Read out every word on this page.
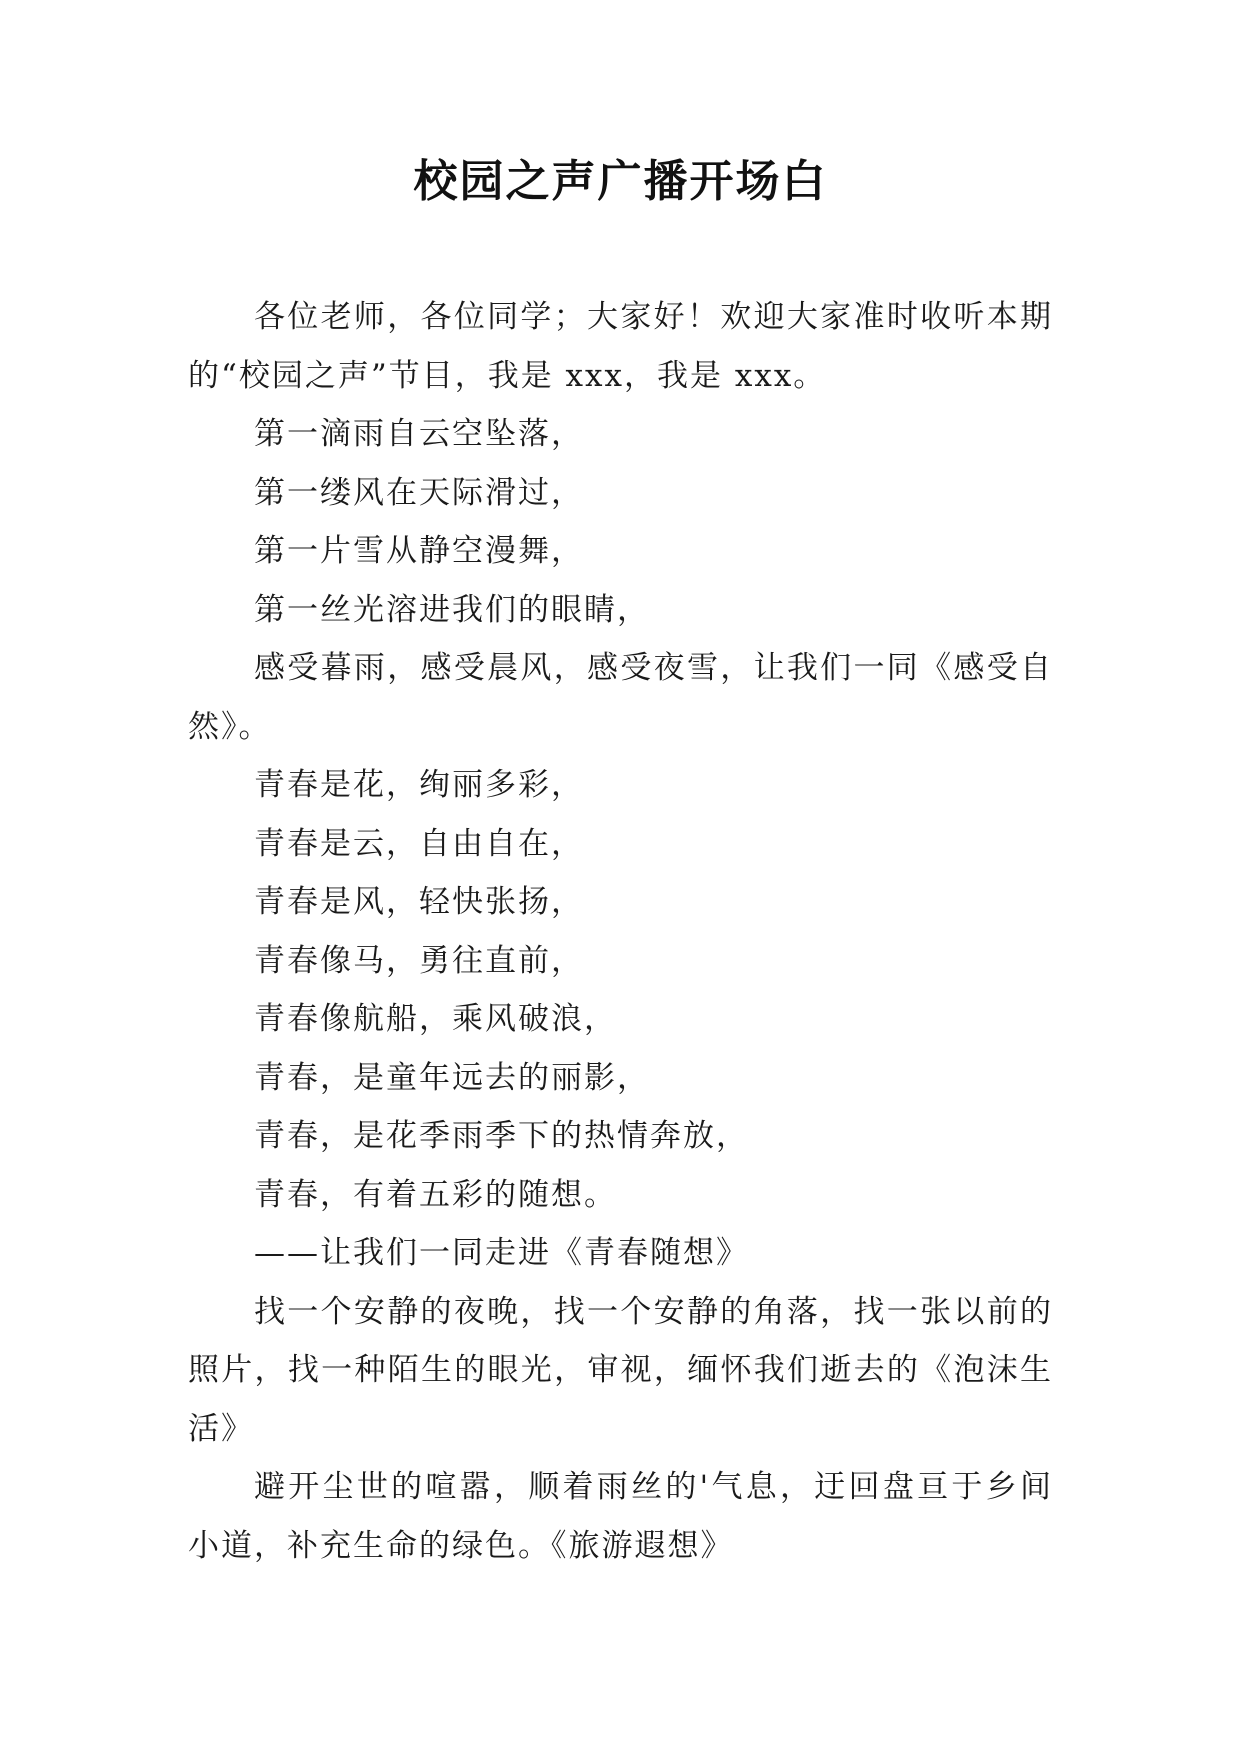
校园之声广播开场白

各位老师，各位同学；大家好！欢迎大家准时收听本期的“校园之声”节目，我是 xxx，我是 xxx。

第一滴雨自云空坠落，

第一缕风在天际滑过，

第一片雪从静空漫舞，

第一丝光溶进我们的眼睛，

感受暮雨，感受晨风，感受夜雪，让我们一同《感受自然》。

青春是花，绚丽多彩，

青春是云，自由自在，

青春是风，轻快张扬，

青春像马，勇往直前，

青春像航船，乘风破浪，

青春，是童年远去的丽影，

青春，是花季雨季下的热情奔放，

青春，有着五彩的随想。

——让我们一同走进《青春随想》

找一个安静的夜晚，找一个安静的角落，找一张以前的照片，找一种陌生的眼光，审视，缅怀我们逝去的《泡沫生活》

避开尘世的喧嚣，顺着雨丝的'气息，迂回盘亘于乡间小道，补充生命的绿色。《旅游遐想》
